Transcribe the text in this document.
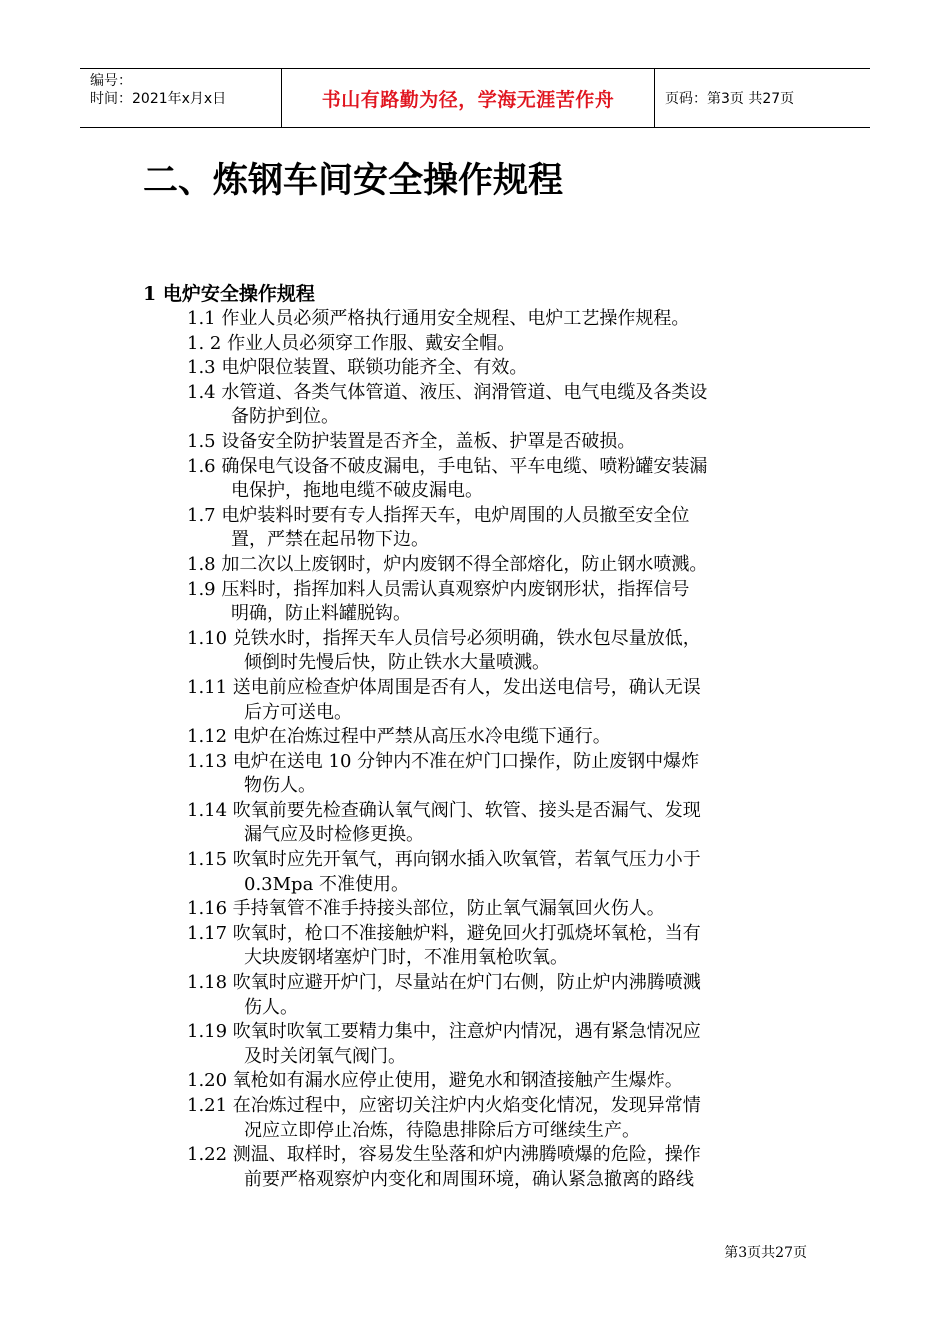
编号：
时间：2021年x月x日	书山有路勤为径，学海无涯苦作舟	页码：第3页 共27页
二、炼钢车间安全操作规程
1 电炉安全操作规程
1.1 作业人员必须严格执行通用安全规程、电炉工艺操作规程。
1. 2 作业人员必须穿工作服、戴安全帽。
1.3 电炉限位装置、联锁功能齐全、有效。
1.4 水管道、各类气体管道、液压、润滑管道、电气电缆及各类设
备防护到位。
1.5 设备安全防护装置是否齐全，盖板、护罩是否破损。
1.6 确保电气设备不破皮漏电，手电钻、平车电缆、喷粉罐安装漏
电保护，拖地电缆不破皮漏电。
1.7 电炉装料时要有专人指挥天车，电炉周围的人员撤至安全位
置，严禁在起吊物下边。
1.8 加二次以上废钢时，炉内废钢不得全部熔化，防止钢水喷溅。
1.9 压料时，指挥加料人员需认真观察炉内废钢形状，指挥信号
明确，防止料罐脱钩。
1.10 兑铁水时，指挥天车人员信号必须明确，铁水包尽量放低，
倾倒时先慢后快，防止铁水大量喷溅。
1.11 送电前应检查炉体周围是否有人，发出送电信号，确认无误
后方可送电。
1.12 电炉在冶炼过程中严禁从高压水冷电缆下通行。
1.13 电炉在送电 10 分钟内不准在炉门口操作，防止废钢中爆炸
物伤人。
1.14 吹氧前要先检查确认氧气阀门、软管、接头是否漏气、发现
漏气应及时检修更换。
1.15 吹氧时应先开氧气，再向钢水插入吹氧管，若氧气压力小于
0.3Mpa 不准使用。
1.16 手持氧管不准手持接头部位，防止氧气漏氧回火伤人。
1.17 吹氧时，枪口不准接触炉料，避免回火打弧烧坏氧枪，当有
大块废钢堵塞炉门时，不准用氧枪吹氧。
1.18 吹氧时应避开炉门，尽量站在炉门右侧，防止炉内沸腾喷溅
伤人。
1.19 吹氧时吹氧工要精力集中，注意炉内情况，遇有紧急情况应
及时关闭氧气阀门。
1.20 氧枪如有漏水应停止使用，避免水和钢渣接触产生爆炸。
1.21 在冶炼过程中，应密切关注炉内火焰变化情况，发现异常情
况应立即停止冶炼，待隐患排除后方可继续生产。
1.22 测温、取样时，容易发生坠落和炉内沸腾喷爆的危险，操作
前要严格观察炉内变化和周围环境，确认紧急撤离的路线
第3页共27页
